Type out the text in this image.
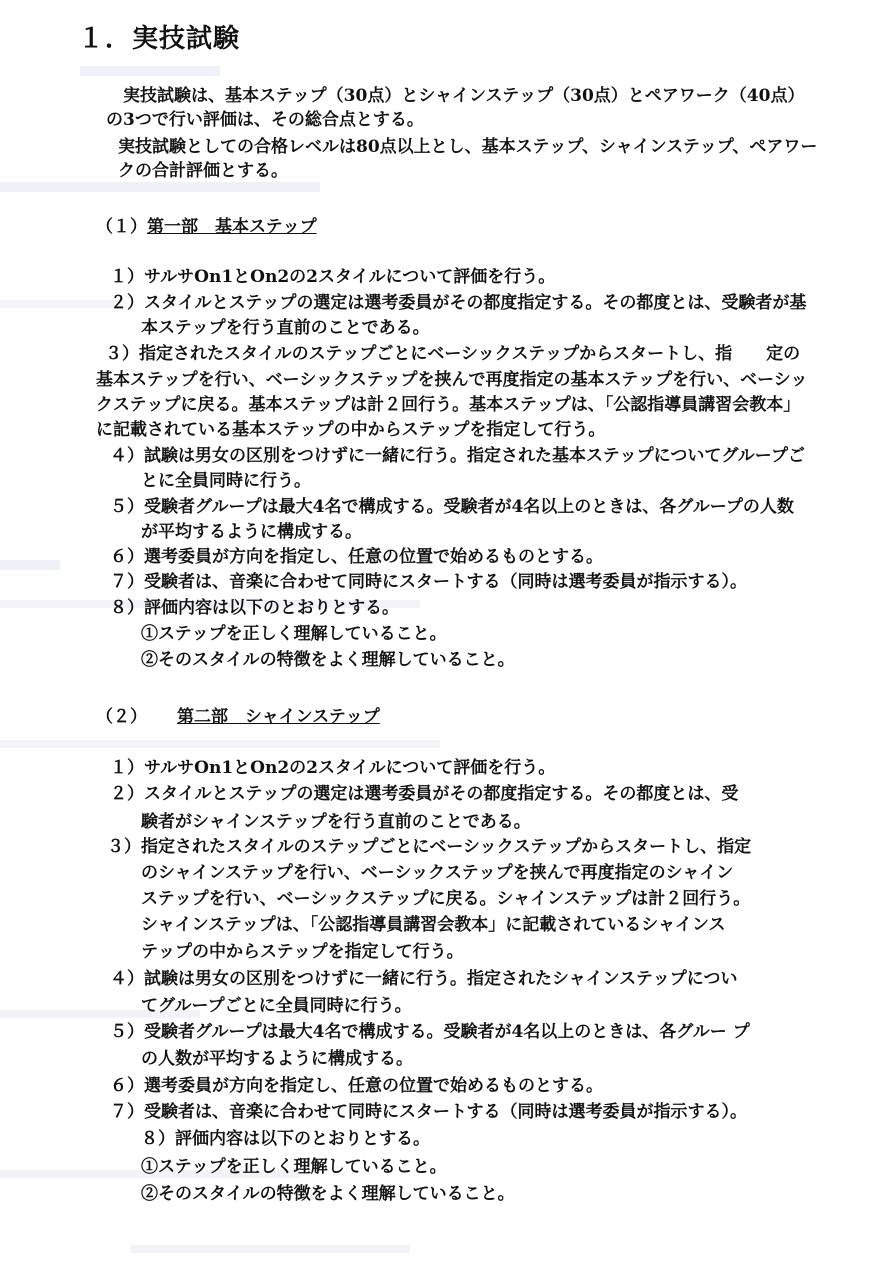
１．実技試験
実技試験は、基本ステップ（30点）とシャインステップ（30点）とペアワーク（40点）
の3つで行い評価は、その総合点とする。
実技試験としての合格レベルは80点以上とし、基本ステップ、シャインステップ、ペアワー
クの合計評価とする。
（１）第一部　基本ステップ
１）サルサOn1とOn2の2スタイルについて評価を行う。
２）スタイルとステップの選定は選考委員がその都度指定する。その都度とは、受験者が基
本ステップを行う直前のことである。
３）指定されたスタイルのステップごとにベーシックステップからスタートし、指　　定の
基本ステップを行い、ベーシックステップを挟んで再度指定の基本ステップを行い、ベーシッ
クステップに戻る。基本ステップは計２回行う。基本ステップは、「公認指導員講習会教本」
に記載されている基本ステップの中からステップを指定して行う。
４）試験は男女の区別をつけずに一緒に行う。指定された基本ステップについてグループご
とに全員同時に行う。
５）受験者グループは最大4名で構成する。受験者が4名以上のときは、各グループの人数
が平均するように構成する。
６）選考委員が方向を指定し、任意の位置で始めるものとする。
７）受験者は、音楽に合わせて同時にスタートする（同時は選考委員が指示する）。
８）評価内容は以下のとおりとする。
①ステップを正しく理解していること。
②そのスタイルの特徴をよく理解していること。
（２） 第二部　シャインステップ
１）サルサOn1とOn2の2スタイルについて評価を行う。
２）スタイルとステップの選定は選考委員がその都度指定する。その都度とは、受
験者がシャインステップを行う直前のことである。
３）指定されたスタイルのステップごとにベーシックステップからスタートし、指定
のシャインステップを行い、ベーシックステップを挟んで再度指定のシャイン
ステップを行い、ベーシックステップに戻る。シャインステップは計２回行う。
シャインステップは、「公認指導員講習会教本」に記載されているシャインス
テップの中からステップを指定して行う。
４）試験は男女の区別をつけずに一緒に行う。指定されたシャインステップについ
てグループごとに全員同時に行う。
５）受験者グループは最大4名で構成する。受験者が4名以上のときは、各グルー プ
の人数が平均するように構成する。
６）選考委員が方向を指定し、任意の位置で始めるものとする。
７）受験者は、音楽に合わせて同時にスタートする（同時は選考委員が指示する）。
８）評価内容は以下のとおりとする。
①ステップを正しく理解していること。
②そのスタイルの特徴をよく理解していること。
